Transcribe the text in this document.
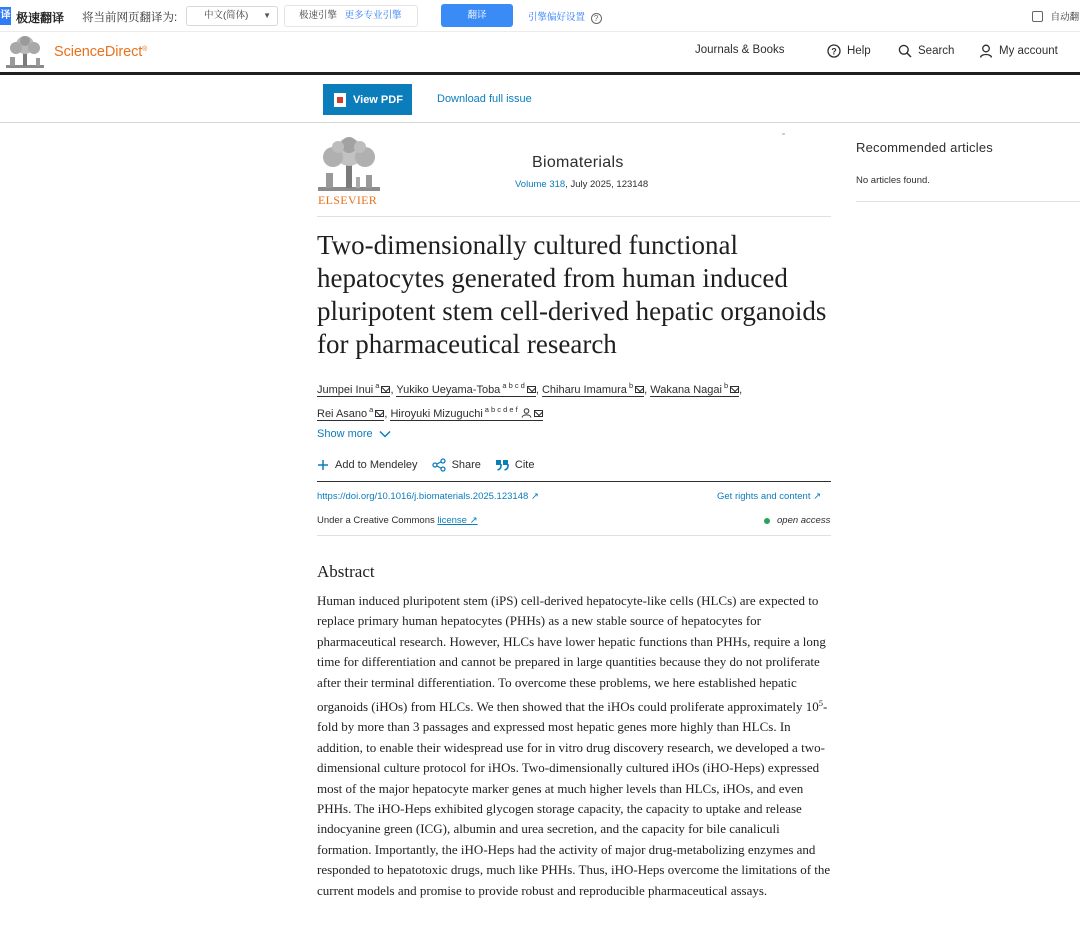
译 极速翻译 将当前网页翻译为:	中文(简体) ▼	极速引擎 更多专业引擎	翻译	引擎偏好设置 ?	自动翻
ScienceDirect®	Journals & Books	? Help	Search	My account
View PDF	Download full issue
ELSEVIER
Biomaterials
Volume 318, July 2025, 123148
Two-dimensionally cultured functional hepatocytes generated from human induced pluripotent stem cell-derived hepatic organoids for pharmaceutical research
Jumpei Inui $^a$ , Yukiko Ueyama-Toba $^{a b c d}$ , Chiharu Imamura $^b$ , Wakana Nagai $^b$ ,
Rei Asano $^a$ , Hiroyuki Mizuguchi $^{a b c d e f}$
Show more
Add to Mendeley	Share	Cite
https://doi.org/10.1016/j.biomaterials.2025.123148 ↗	Get rights and content ↗
Under a Creative Commons license ↗	open access
Abstract

Human induced pluripotent stem (iPS) cell-derived hepatocyte-like cells (HLCs) are expected to replace primary human hepatocytes (PHHs) as a new stable source of hepatocytes for pharmaceutical research. However, HLCs have lower hepatic functions than PHHs, require a long time for differentiation and cannot be prepared in large quantities because they do not proliferate after their terminal differentiation. To overcome these problems, we here established hepatic organoids (iHOs) from HLCs. We then showed that the iHOs could proliferate approximately $10^5$-fold by more than 3 passages and expressed most hepatic genes more highly than HLCs. In addition, to enable their widespread use for in vitro drug discovery research, we developed a two-dimensional culture protocol for iHOs. Two-dimensionally cultured iHOs (iHO-Heps) expressed most of the major hepatocyte marker genes at much higher levels than HLCs, iHOs, and even PHHs. The iHO-Heps exhibited glycogen storage capacity, the capacity to uptake and release indocyanine green (ICG), albumin and urea secretion, and the capacity for bile canaliculi formation. Importantly, the iHO-Heps had the activity of major drug-metabolizing enzymes and responded to hepatotoxic drugs, much like PHHs. Thus, iHO-Heps overcome the limitations of the current models and promise to provide robust and reproducible pharmaceutical assays.

Recommended articles
No articles found.
